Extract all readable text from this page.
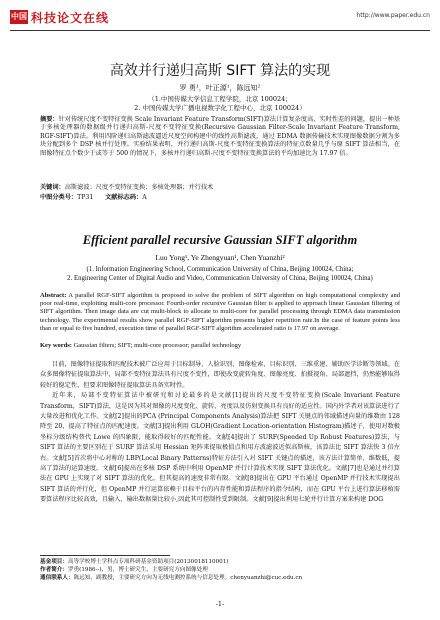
中国 科技论文在线	http://www.paper.edu.cn
高效并行递归高斯 SIFT 算法的实现
罗 勇¹，叶正源¹，陈远知²
（1.中国传媒大学信息工程学院，北京 100024；
2. 中国传媒大学广播电视数字化工程中心，北京 100024）
摘要：针对传统尺度不变特征变换 Scale Invariant Feature Transform(SIFT)算法计算复杂度高、实时性差的问题，提出一种基于多核处理器的数据级并行递归高斯-尺度不变特征变换(Recursive Gaussian Filter-Scale Invariant Feature Transform, RGF-SIFT)算法。利用四阶递归高斯滤波逼近尺度空间构建中的线性高斯滤波，通过 EDMA 数据传输技术实现图像数据分割为多块分配到多个 DSP 核并行处理。实验结果表明，并行递归高斯-尺度不变特征变换算法的特征点数量几乎与原 SIFT 算法相当，在图像特征点个数少于或等于 500 的情况下，多核并行递归高斯-尺度不变特征变换算法的平均加速比为 17.97 倍。
关键词：高斯滤波；尺度不变特征变换；多核处理器；并行技术
中图分类号：TP31 文献标志码：A
Efficient parallel recursive Gaussian SIFT algorithm
Luo Yong¹, Ye Zhengyuan¹, Chen Yuanzhi²
(1. Information Engineering School, Communication University of China, Beijing 100024, China;
2. Engineering Center of Digital Audio and Video, Communication University of China, Beijing 100024, China)
Abstract: A parallel RGF-SIFT algorithm is proposed to solve the problem of SIFT algorithm on high computational complexity and poor real-time, exploiting multi-core processor. Fourth-order recursive Gaussian filter is applied to approach linear Gaussian filtering of SIFT algorithm. Then image data are cut multi-block to allocate to multi-core for parallel processing through EDMA data transmission technology. The experimental results show parallel RGF-SIFT algorithm presents higher repetition rate.In the case of feature points less than or equal to five hundred, execution time of parallel RGF-SIFT algorithm accelerated ratio is 17.97 on average.
Key words: Gaussian filters; SIFT; multi-core processor; parallel technology

目前，图像特征提取和匹配技术被广泛应用于目标制导、人脸识别、图像检索、目标识别、三维重建、辅助医学诊断等领域。在众多图像特征提取算法中，局部不变特征算法具有尺度不变性，即使改变旋转角度、图像亮度、拍摄视角、局部遮挡，仍然能够取得较好的稳定性，但要求图像特征提取算法具备实时性。

近年来，局部不变特征算法中被研究和讨论最多的是文献[1]提出的尺度不变特征变换(Scale Invariant Feature Transform，SIFT)算法，这是因为其对图像的尺度变化、旋转、亮度以及仿射变换具有良好的适应性。国内外学者对该算法进行了大量改进和优化工作。文献[2]提出的PCA (Principal Components Analysis)算法把 SIFT 关键点的邻域描述向量的维数由 128 降至 20，提高了特征点的匹配速度。文献[3]提出利用 GLOH(Gradient Location-orientation Histogram)描述子，使用对数极坐标分级结构替代 Lowe 的四象限，能取得较好的匹配性能。文献[4]提出了 SURF(Speeded Up Robust Features)算法，与 SIFT 算法的主要区别在于 SURF 算法采用 Hessian 矩阵来提取极值点和用方波滤波近似高斯核，该算法比 SIFT 算法快 3 倍左右。文献[5]首次将中心对称的 LBP(Local Binary Patterns)特征方法引入对 SIFT 关键点的描述，该方法计算简单，维数低，提高了算法的运算速度。文献[6]提出在多核 DSP 系统中利用 OpenMP 并行计算技术实现 SIFT 算法优化。文献[7]也是通过并行算法在 GPU 上实现了对 SIFT 算法的优化，但其提高的速度非常有限。文献[8]提出在 GPU 平台通过 OpenMP 并行技术实现提出 SIFT 算法的并行化，但 OpenMP 并行运算依赖于目标平台的内存性能和算法程序的指令结构，而在 GPU 平台上进行算法移植需要算法程序比较高效，且输入、输出数据量比较小,因此其可控制性受到限制。文献[9]提出利用七轮并行计算方案来构建 DOG

基金项目：高等学校博士学科点专项科研基金资助项目(20130018110001)
作者简介：罗勇(1986--)，男，博士研究生，主要研究方向图像处理
通信联系人：陈远知，副教授，主要研究方向为无线电测控系统与信息处理。chenyuanzhi@cuc.edu.cn
-1-
